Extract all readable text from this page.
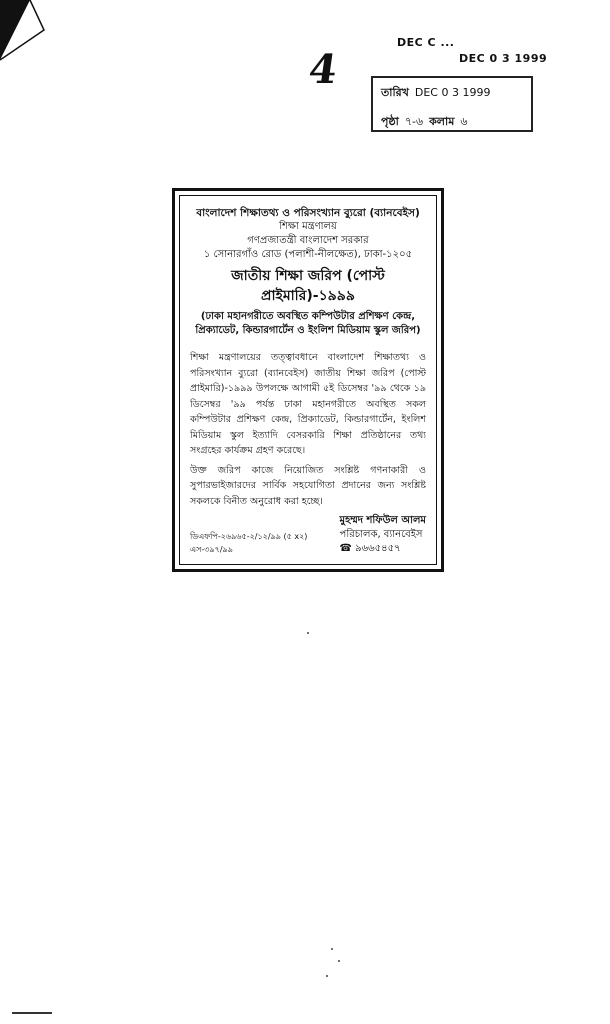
4
DEC C ...
DEC 0 3 1999
তারিখ DEC 0 3 1999
পৃষ্ঠা ৭-৬ কলাম ৬
বাংলাদেশ শিক্ষাতথ্য ও পরিসংখ্যান ব্যুরো (ব্যানবেইস)
শিক্ষা মন্ত্রণালয়
গণপ্রজাতন্ত্রী বাংলাদেশ সরকার
১ সোনারগাঁও রোড (পলাশী-নীলক্ষেত), ঢাকা-১২০৫
জাতীয় শিক্ষা জরিপ (পোস্ট প্রাইমারি)-১৯৯৯
(ঢাকা মহানগরীতে অবস্থিত কম্পিউটার প্রশিক্ষণ কেন্দ্র, প্রিক্যাডেট, কিন্ডারগার্টেন ও ইংলিশ মিডিয়াম স্কুল জরিপ)

শিক্ষা মন্ত্রণালয়ের তত্ত্বাবধানে বাংলাদেশ শিক্ষাতথ্য ও পরিসংখ্যান ব্যুরো (ব্যানবেইস) জাতীয় শিক্ষা জরিপ (পোস্ট প্রাইমারি)-১৯৯৯ উপলক্ষে আগামী ৫ই ডিসেম্বর '৯৯ থেকে ১৯ ডিসেম্বর '৯৯ পর্যন্ত ঢাকা মহানগরীতে অবস্থিত সকল কম্পিউটার প্রশিক্ষণ কেন্দ্র, প্রিক্যাডেট, কিন্ডারগার্টেন, ইংলিশ মিডিয়াম স্কুল ইত্যাদি বেসরকারি শিক্ষা প্রতিষ্ঠানের তথ্য সংগ্রহের কার্যক্রম গ্রহণ করেছে।

উক্ত জরিপ কাজে নিয়োজিত সংশ্লিষ্ট গণনাকারী ও সুপারভাইজারদের সার্বিক সহযোগিতা প্রদানের জন্য সংশ্লিষ্ট সকলকে বিনীত অনুরোধ করা হচ্ছে।

ডিএফপি-২৬৯৬৫-২/১২/৯৯ (৫ x২)
এস-৩৯৭/৯৯
মুহম্মদ শফিউল আলম
পরিচালক, ব্যানবেইস
☎ ৯৬৬৫৪৫৭
